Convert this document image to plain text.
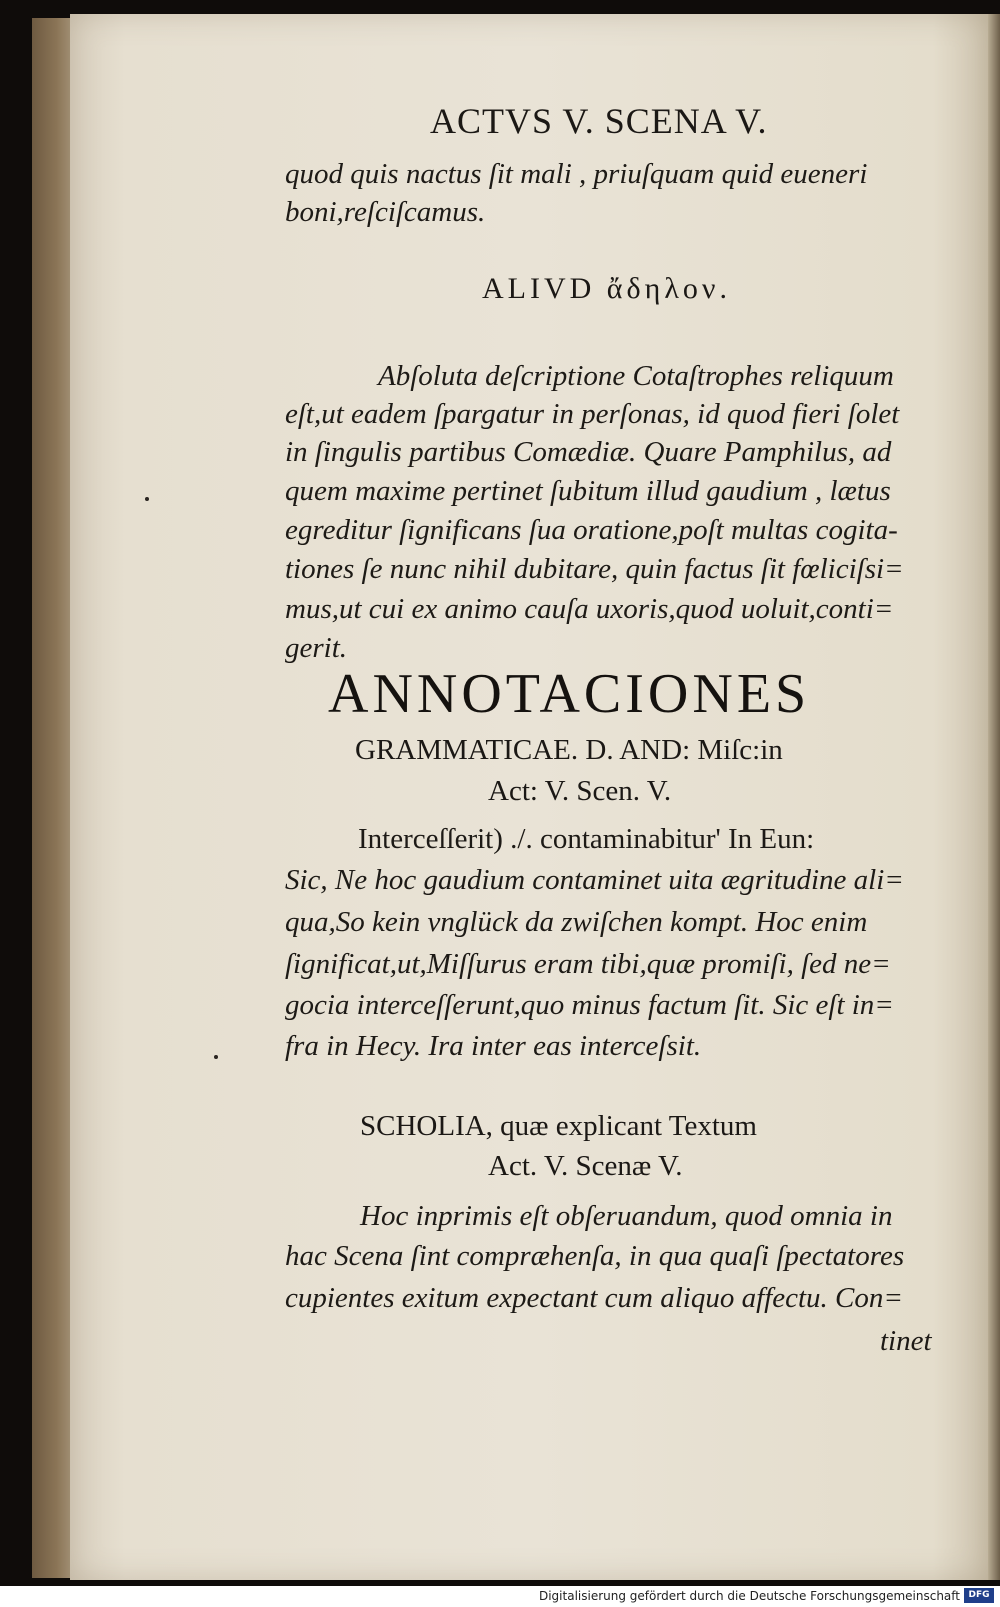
ACTVS V. SCENA V.
quod quis nactus ſit mali , priuſquam quid eueneri
boni,reſciſcamus.
ALIVD ἄδηλον.
Abſoluta deſcriptione Cotaſtrophes reliquum
eſt,ut eadem ſpargatur in perſonas, id quod fieri ſolet
in ſingulis partibus Comædiæ. Quare Pamphilus, ad
quem maxime pertinet ſubitum illud gaudium , lætus
egreditur ſignificans ſua oratione,poſt multas cogita-
tiones ſe nunc nihil dubitare, quin factus ſit fœliciſsi=
mus,ut cui ex animo cauſa uxoris,quod uoluit,conti=
gerit.
ANNOTACIONES
GRAMMATICAE. D. AND: Miſc:in
Act: V. Scen. V.
Interceſſerit) ./. contaminabitur' In Eun:
Sic, Ne hoc gaudium contaminet uita ægritudine ali=
qua,So kein vnglück da zwiſchen kompt. Hoc enim
ſignificat,ut,Miſſurus eram tibi,quæ promiſi, ſed ne=
gocia interceſſerunt,quo minus factum ſit. Sic eſt in=
fra in Hecy. Ira inter eas interceſsit.
SCHOLIA, quæ explicant Textum
Act. V. Scenæ V.
Hoc inprimis eſt obſeruandum, quod omnia in
hac Scena ſint compræhenſa, in qua quaſi ſpectatores
cupientes exitum expectant cum aliquo affectu. Con=
tinet
Digitalisierung gefördert durch die Deutsche Forschungsgemeinschaft DFG
